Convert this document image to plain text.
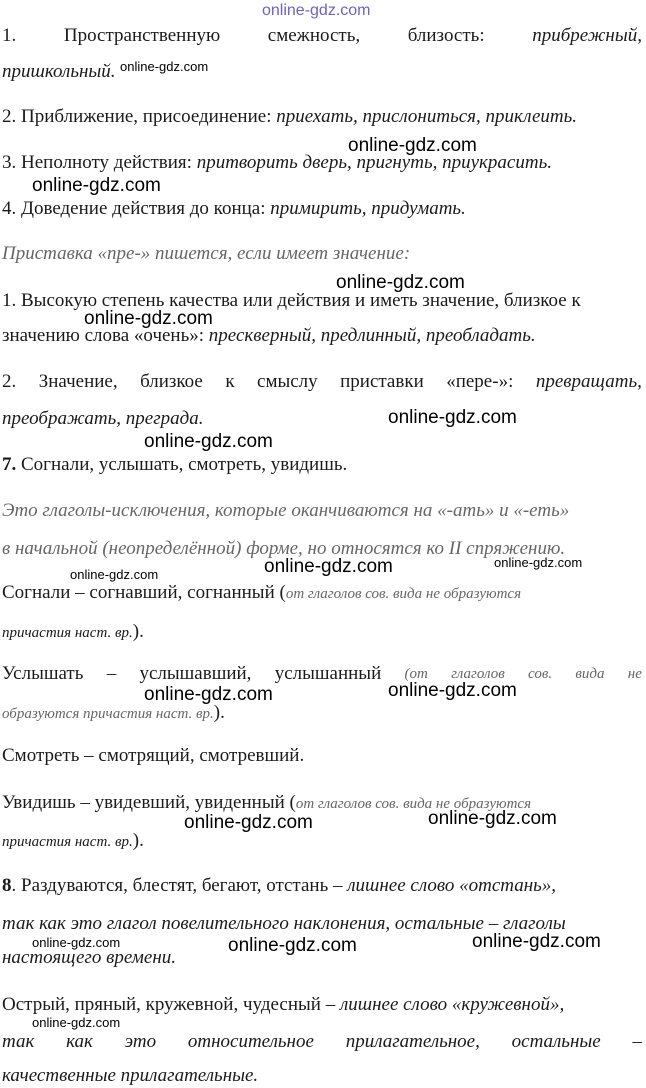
online-gdz.com
1.	Пространственную	смежность,	близость:	прибрежный,
пришкольный. online-gdz.com
2. Приближение, присоединение: приехать, прислониться, приклеить.
online-gdz.com
3. Неполноту действия: притворить дверь, пригнуть, приукрасить.
online-gdz.com
4. Доведение действия до конца: примирить, придумать.
Приставка «пре-» пишется, если имеет значение:
online-gdz.com
1. Высокую степень качества или действия и иметь значение, близкое к
online-gdz.com
значению слова «очень»: прескверный, предлинный, преобладать.
2. Значение, близкое к смыслу приставки «пере-»: превращать,
преображать, преграда.	online-gdz.com
online-gdz.com
7. Согнали, услышать, смотреть, увидишь.
Это глаголы-исключения, которые оканчиваются на «-ать» и «-еть»
в начальной (неопределённой) форме, но относятся ко II спряжению.
online-gdz.com	online-gdz.com
online-gdz.com
Согнали – согнавший, согнанный (от глаголов сов. вида не образуются
причастия наст. вр.).
Услышать – услышавший, услышанный (от глаголов сов. вида не
online-gdz.com	online-gdz.com
образуются причастия наст. вр.).
Смотреть – смотрящий, смотревший.
Увидишь – увидевший, увиденный (от глаголов сов. вида не образуются
причастия наст. вр.).
online-gdz.com	online-gdz.com
8. Раздуваются, блестят, бегают, отстань – лишнее слово «отстань»,
так как это глагол повелительного наклонения, остальные – глаголы
online-gdz.com	online-gdz.com	online-gdz.com
настоящего времени.
Острый, пряный, кружевной, чудесный – лишнее слово «кружевной»,
online-gdz.com
так как это относительное прилагательное, остальные –
качественные прилагательные.
